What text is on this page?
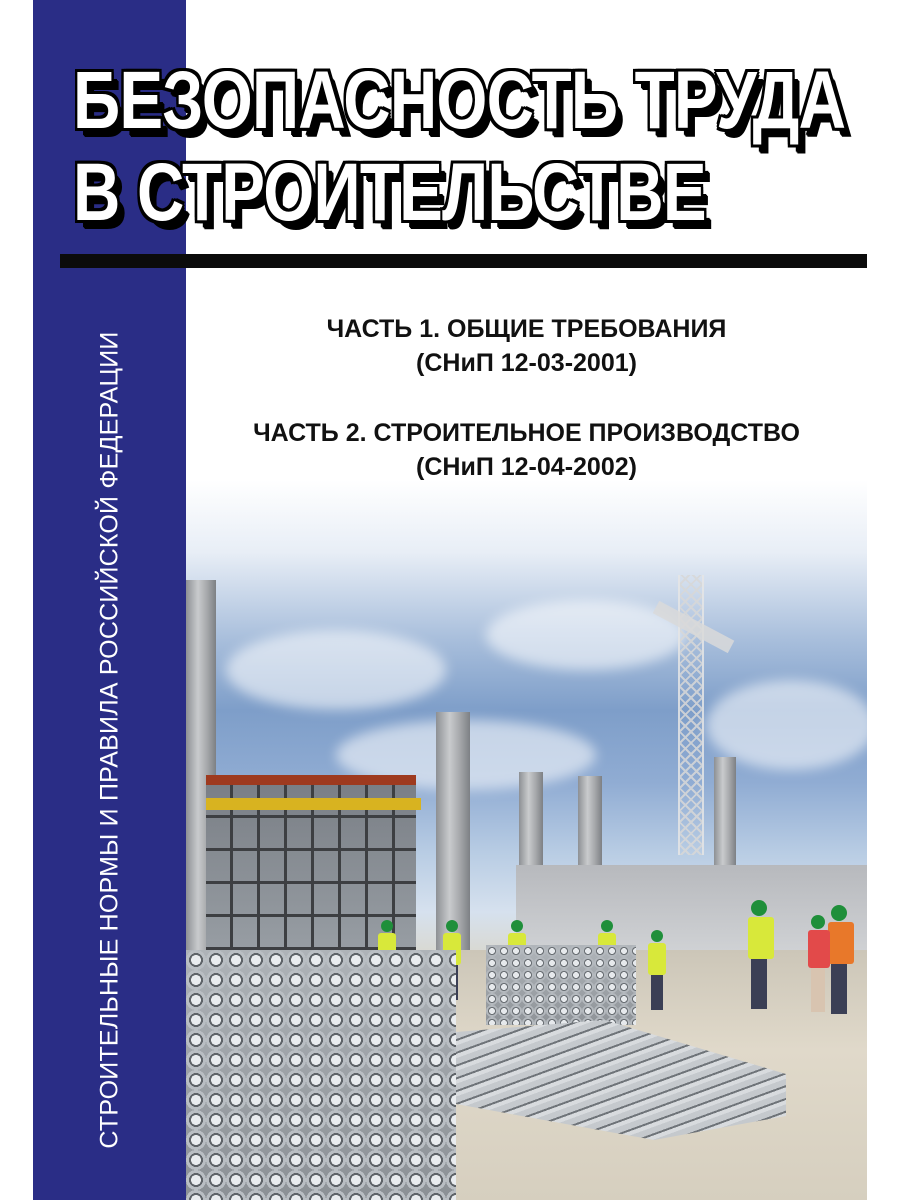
СТРОИТЕЛЬНЫЕ НОРМЫ И ПРАВИЛА РОССИЙСКОЙ ФЕДЕРАЦИИ
БЕЗОПАСНОСТЬ ТРУДА
В СТРОИТЕЛЬСТВЕ
ЧАСТЬ 1. ОБЩИЕ ТРЕБОВАНИЯ
(СНиП 12-03-2001)
ЧАСТЬ 2. СТРОИТЕЛЬНОЕ ПРОИЗВОДСТВО
(СНиП 12-04-2002)
